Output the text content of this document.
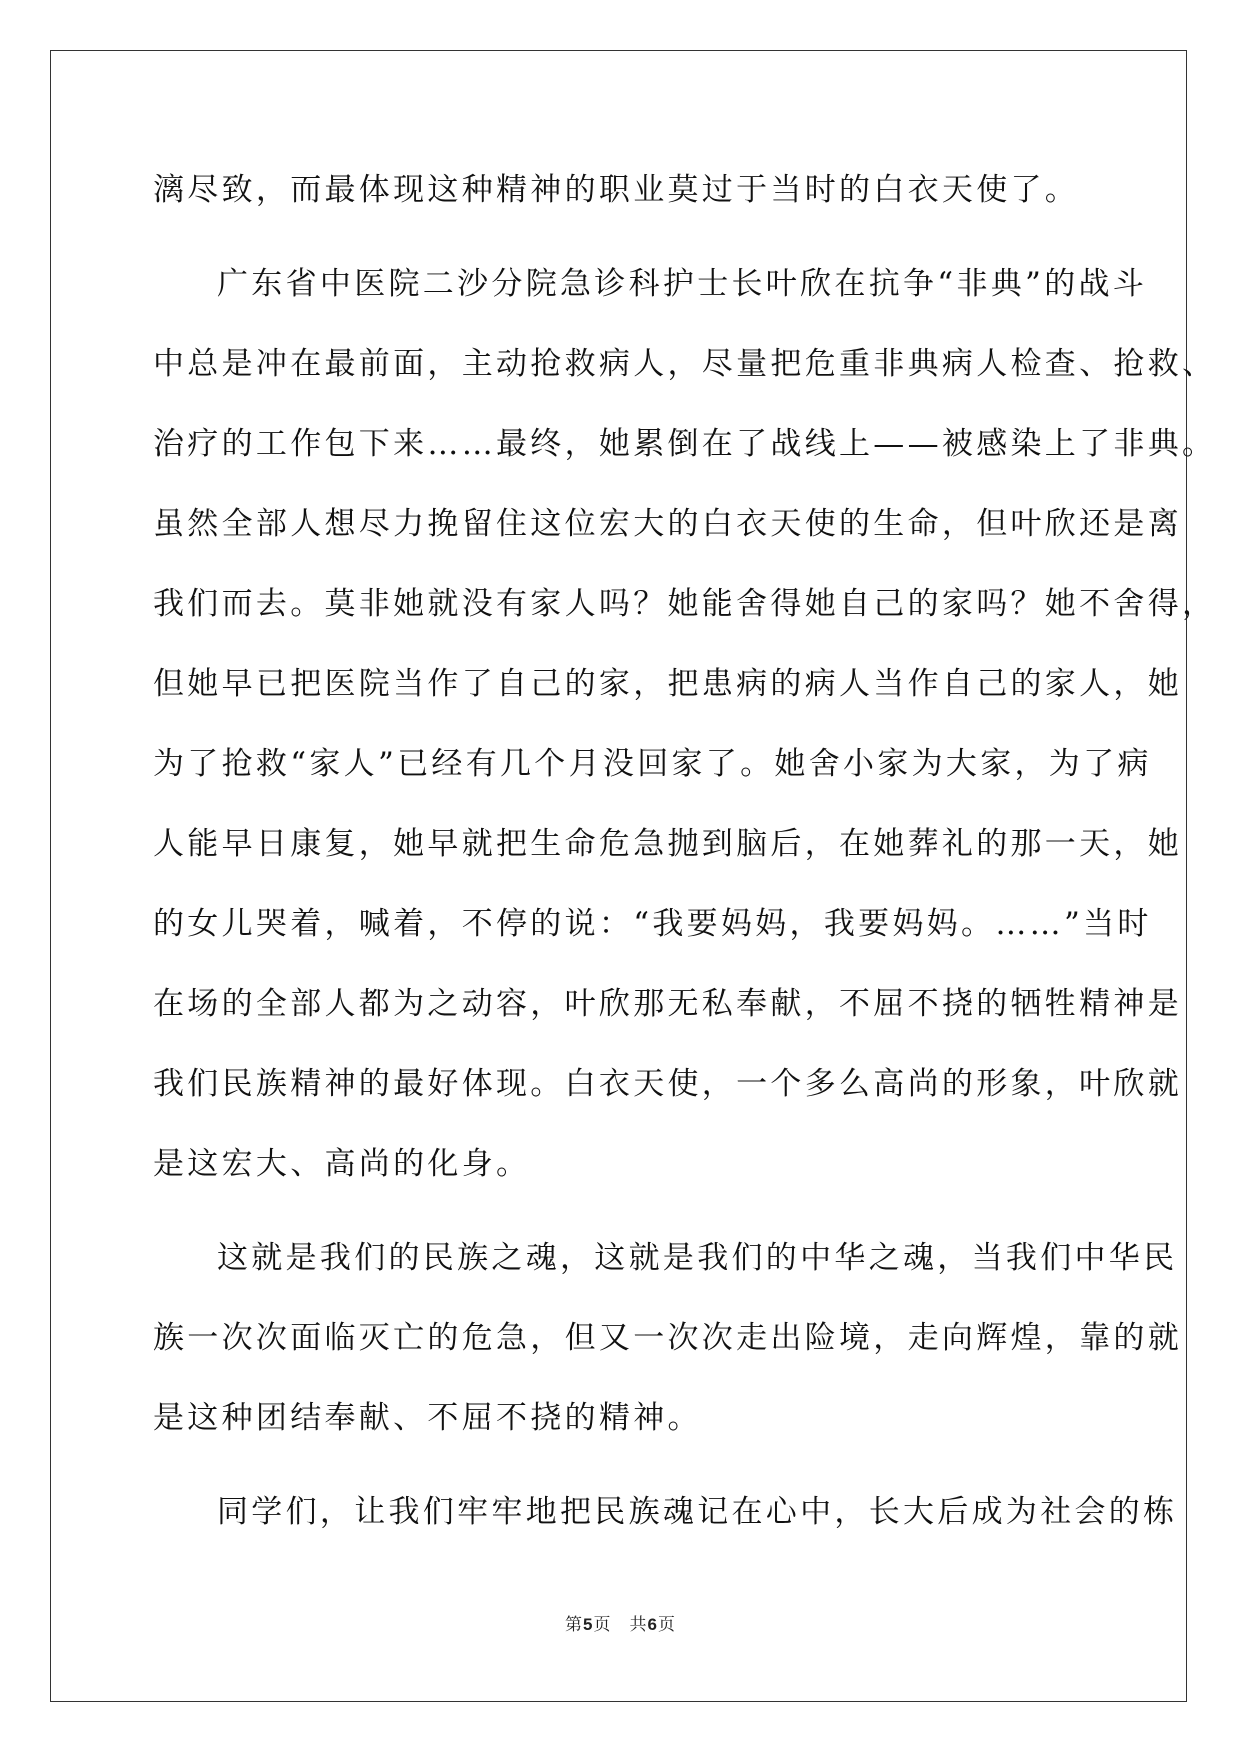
漓尽致，而最体现这种精神的职业莫过于当时的白衣天使了。
广东省中医院二沙分院急诊科护士长叶欣在抗争“非典”的战斗
中总是冲在最前面，主动抢救病人，尽量把危重非典病人检查、抢救、
治疗的工作包下来……最终，她累倒在了战线上——被感染上了非典。
虽然全部人想尽力挽留住这位宏大的白衣天使的生命，但叶欣还是离
我们而去。莫非她就没有家人吗？她能舍得她自己的家吗？她不舍得，
但她早已把医院当作了自己的家，把患病的病人当作自己的家人，她
为了抢救“家人”已经有几个月没回家了。她舍小家为大家，为了病
人能早日康复，她早就把生命危急抛到脑后，在她葬礼的那一天，她
的女儿哭着，喊着，不停的说：“我要妈妈，我要妈妈。……”当时
在场的全部人都为之动容，叶欣那无私奉献，不屈不挠的牺牲精神是
我们民族精神的最好体现。白衣天使，一个多么高尚的形象，叶欣就
是这宏大、高尚的化身。
这就是我们的民族之魂，这就是我们的中华之魂，当我们中华民
族一次次面临灭亡的危急，但又一次次走出险境，走向辉煌，靠的就
是这种团结奉献、不屈不挠的精神。
同学们，让我们牢牢地把民族魂记在心中，长大后成为社会的栋
第5页 共6页
